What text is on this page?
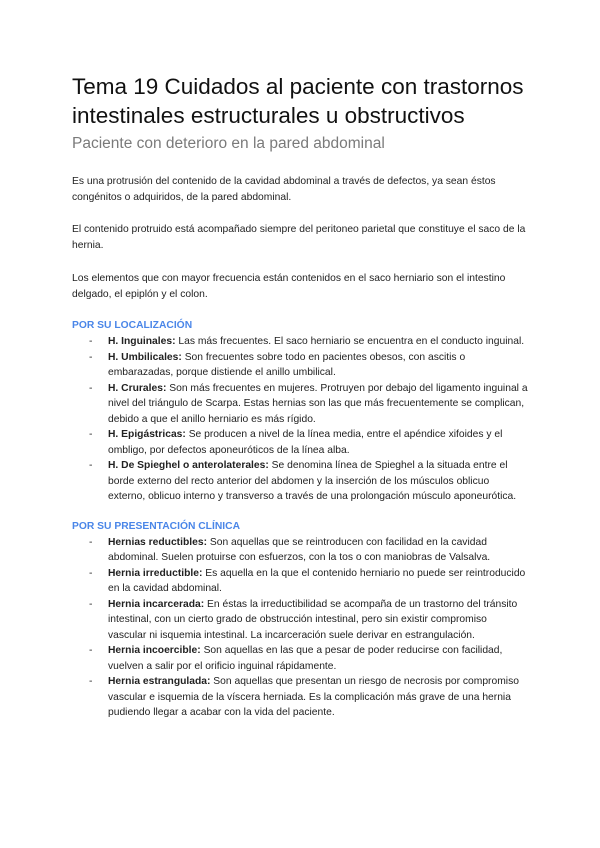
Tema 19 Cuidados al paciente con trastornos
intestinales estructurales u obstructivos
Paciente con deterioro en la pared abdominal

Es una protrusión del contenido de la cavidad abdominal a través de defectos, ya sean éstos congénitos o adquiridos, de la pared abdominal.

El contenido protruido está acompañado siempre del peritoneo parietal que constituye el saco de la hernia.

Los elementos que con mayor frecuencia están contenidos en el saco herniario son el intestino delgado, el epiplón y el colon.

POR SU LOCALIZACIÓN
- H. Inguinales: Las más frecuentes. El saco herniario se encuentra en el conducto inguinal.
- H. Umbilicales: Son frecuentes sobre todo en pacientes obesos, con ascitis o embarazadas, porque distiende el anillo umbilical.
- H. Crurales: Son más frecuentes en mujeres. Protruyen por debajo del ligamento inguinal a nivel del triángulo de Scarpa. Estas hernias son las que más frecuentemente se complican, debido a que el anillo herniario es más rígido.
- H. Epigástricas: Se producen a nivel de la línea media, entre el apéndice xifoides y el ombligo, por defectos aponeuróticos de la línea alba.
- H. De Spieghel o anterolaterales: Se denomina línea de Spieghel a la situada entre el borde externo del recto anterior del abdomen y la inserción de los músculos oblicuo externo, oblicuo interno y transverso a través de una prolongación músculo aponeurótica.
POR SU PRESENTACIÓN CLÍNICA
- Hernias reductibles: Son aquellas que se reintroducen con facilidad en la cavidad abdominal. Suelen protuirse con esfuerzos, con la tos o con maniobras de Valsalva.
- Hernia irreductible: Es aquella en la que el contenido herniario no puede ser reintroducido en la cavidad abdominal.
- Hernia incarcerada: En éstas la irreductibilidad se acompaña de un trastorno del tránsito intestinal, con un cierto grado de obstrucción intestinal, pero sin existir compromiso vascular ni isquemia intestinal. La incarceración suele derivar en estrangulación.
- Hernia incoercible: Son aquellas en las que a pesar de poder reducirse con facilidad, vuelven a salir por el orificio inguinal rápidamente.
- Hernia estrangulada: Son aquellas que presentan un riesgo de necrosis por compromiso vascular e isquemia de la víscera herniada. Es la complicación más grave de una hernia pudiendo llegar a acabar con la vida del paciente.
